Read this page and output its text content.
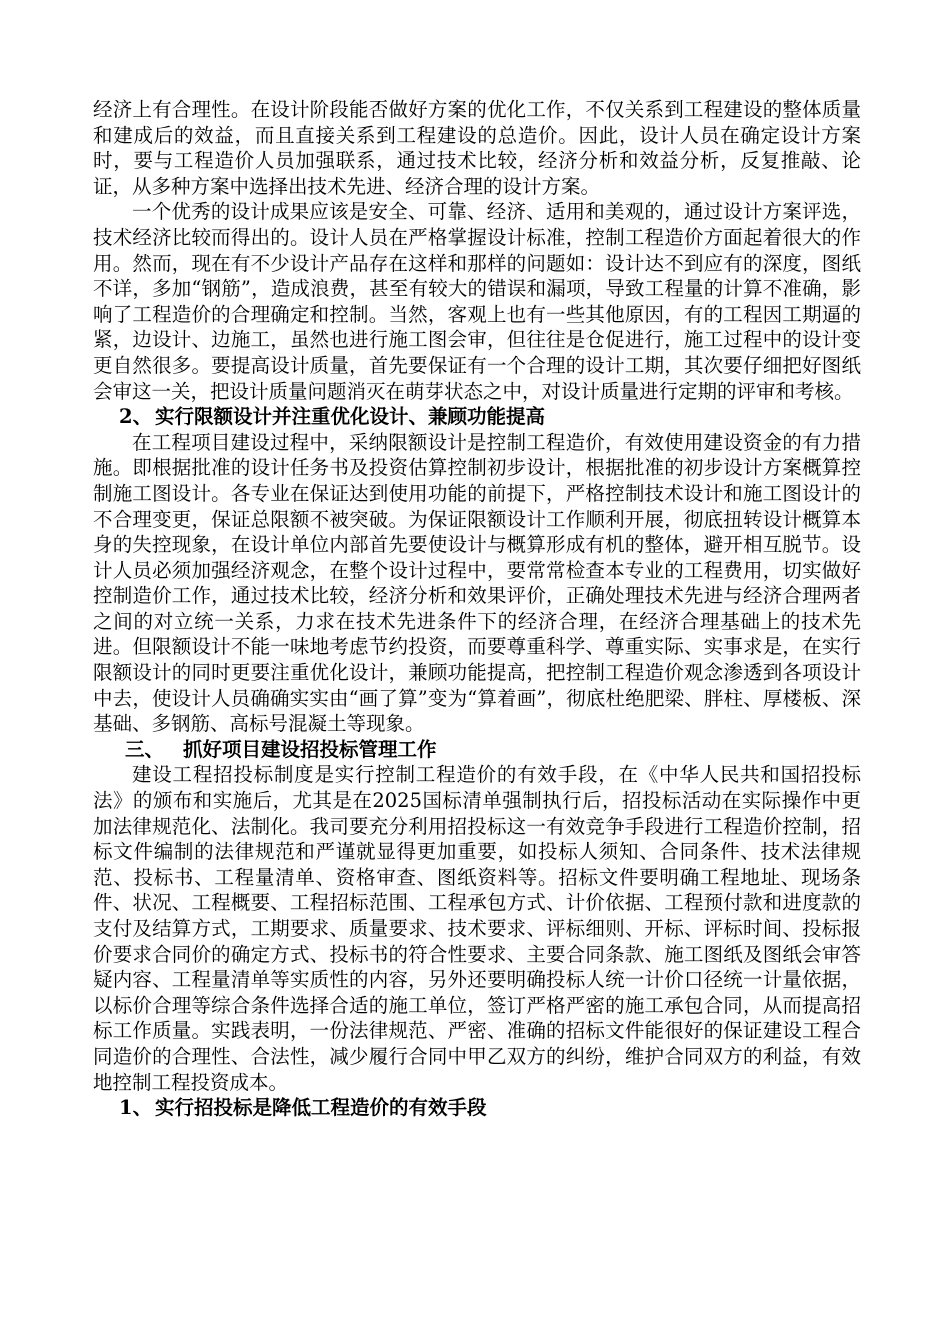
经济上有合理性。在设计阶段能否做好方案的优化工作，不仅关系到工程建设的整体质量和建成后的效益，而且直接关系到工程建设的总造价。因此，设计人员在确定设计方案时，要与工程造价人员加强联系，通过技术比较，经济分析和效益分析，反复推敲、论证，从多种方案中选择出技术先进、经济合理的设计方案。

一个优秀的设计成果应该是安全、可靠、经济、适用和美观的，通过设计方案评选，技术经济比较而得出的。设计人员在严格掌握设计标准，控制工程造价方面起着很大的作用。然而，现在有不少设计产品存在这样和那样的问题如：设计达不到应有的深度，图纸不详，多加“钢筋”，造成浪费，甚至有较大的错误和漏项，导致工程量的计算不准确，影响了工程造价的合理确定和控制。当然，客观上也有一些其他原因，有的工程因工期逼的紧，边设计、边施工，虽然也进行施工图会审，但往往是仓促进行，施工过程中的设计变更自然很多。要提高设计质量，首先要保证有一个合理的设计工期，其次要仔细把好图纸会审这一关，把设计质量问题消灭在萌芽状态之中，对设计质量进行定期的评审和考核。

2、 实行限额设计并注重优化设计、兼顾功能提高

在工程项目建设过程中，采纳限额设计是控制工程造价，有效使用建设资金的有力措施。即根据批准的设计任务书及投资估算控制初步设计，根据批准的初步设计方案概算控制施工图设计。各专业在保证达到使用功能的前提下，严格控制技术设计和施工图设计的不合理变更，保证总限额不被突破。为保证限额设计工作顺利开展，彻底扭转设计概算本身的失控现象，在设计单位内部首先要使设计与概算形成有机的整体，避开相互脱节。设计人员必须加强经济观念，在整个设计过程中，要常常检查本专业的工程费用，切实做好控制造价工作，通过技术比较，经济分析和效果评价，正确处理技术先进与经济合理两者之间的对立统一关系，力求在技术先进条件下的经济合理，在经济合理基础上的技术先进。但限额设计不能一味地考虑节约投资，而要尊重科学、尊重实际、实事求是，在实行限额设计的同时更要注重优化设计，兼顾功能提高，把控制工程造价观念渗透到各项设计中去，使设计人员确确实实由“画了算”变为“算着画”，彻底杜绝肥梁、胖柱、厚楼板、深基础、多钢筋、高标号混凝土等现象。

三、 抓好项目建设招投标管理工作

建设工程招投标制度是实行控制工程造价的有效手段，在《中华人民共和国招投标法》的颁布和实施后，尤其是在2025国标清单强制执行后，招投标活动在实际操作中更加法律规范化、法制化。我司要充分利用招投标这一有效竞争手段进行工程造价控制，招标文件编制的法律规范和严谨就显得更加重要，如投标人须知、合同条件、技术法律规范、投标书、工程量清单、资格审查、图纸资料等。招标文件要明确工程地址、现场条件、状况、工程概要、工程招标范围、工程承包方式、计价依据、工程预付款和进度款的支付及结算方式，工期要求、质量要求、技术要求、评标细则、开标、评标时间、投标报价要求合同价的确定方式、投标书的符合性要求、主要合同条款、施工图纸及图纸会审答疑内容、工程量清单等实质性的内容，另外还要明确投标人统一计价口径统一计量依据，以标价合理等综合条件选择合适的施工单位，签订严格严密的施工承包合同，从而提高招标工作质量。实践表明，一份法律规范、严密、准确的招标文件能很好的保证建设工程合同造价的合理性、合法性，减少履行合同中甲乙双方的纠纷，维护合同双方的利益，有效地控制工程投资成本。

1、 实行招投标是降低工程造价的有效手段
